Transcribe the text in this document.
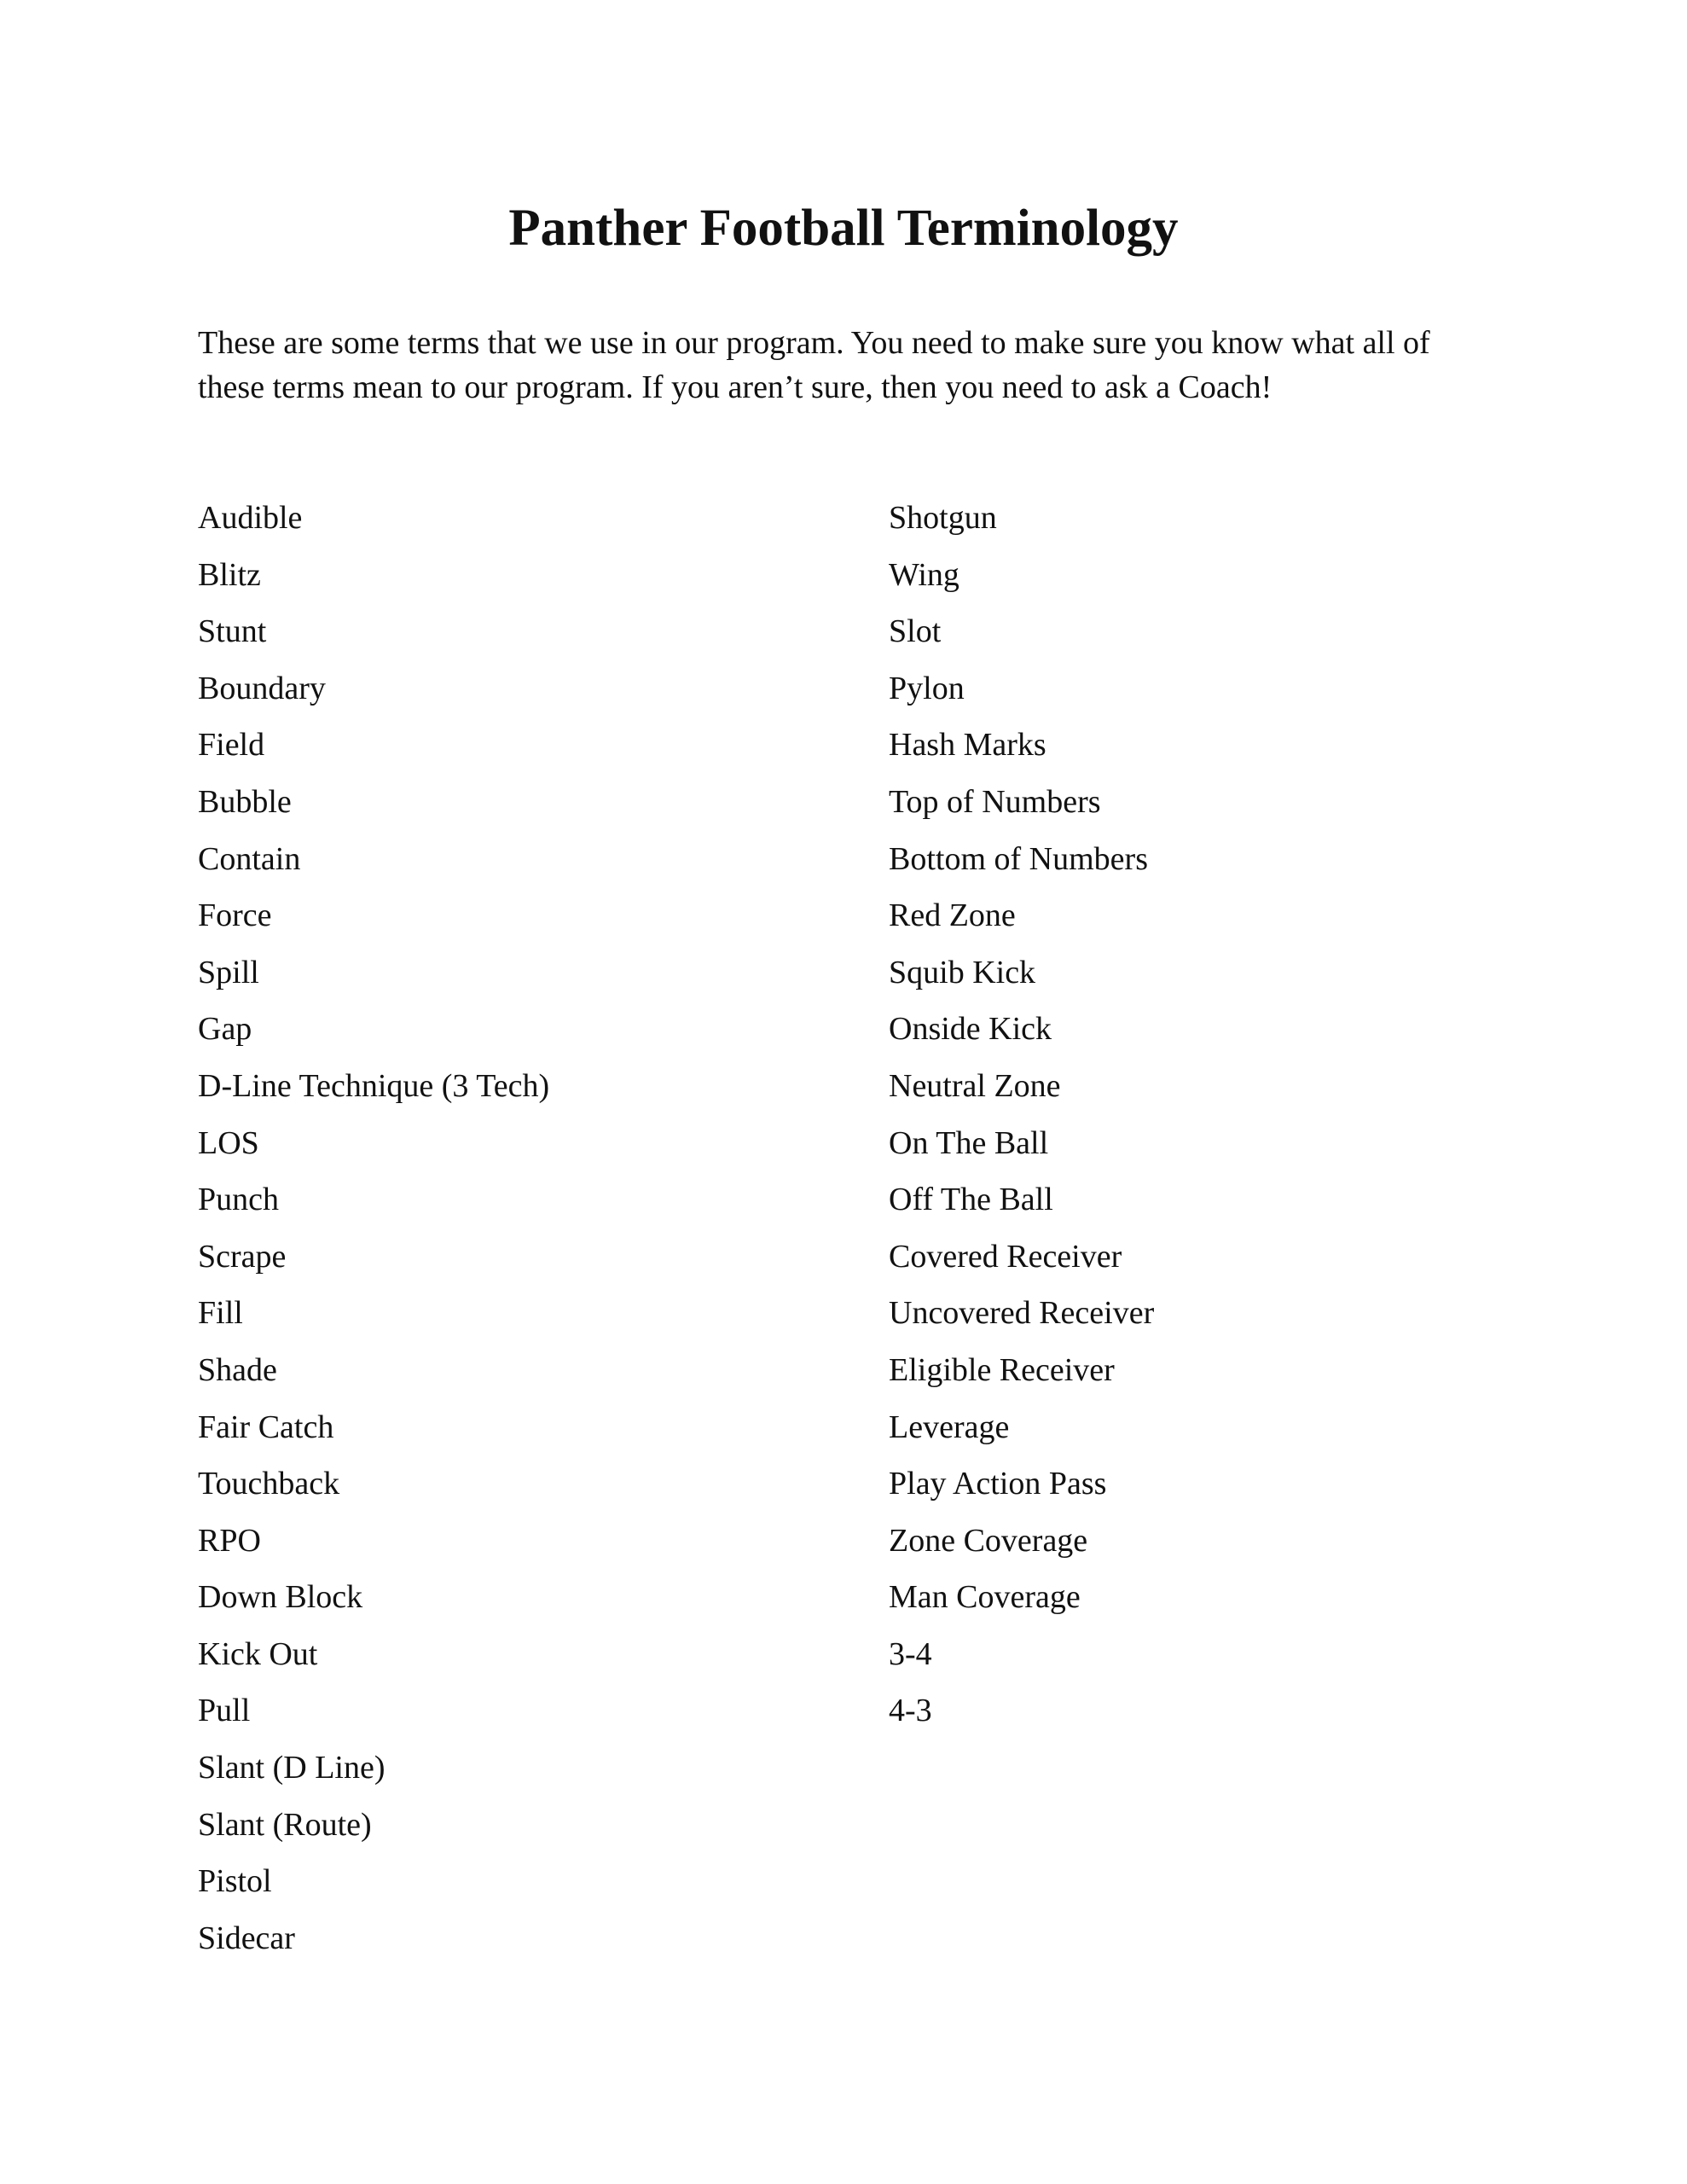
Panther Football Terminology

These are some terms that we use in our program. You need to make sure you know what all of

these terms mean to our program. If you aren’t sure, then you need to ask a Coach!

Audible
Blitz
Stunt
Boundary
Field
Bubble
Contain
Force
Spill
Gap
D-Line Technique (3 Tech)
LOS
Punch
Scrape
Fill
Shade
Fair Catch
Touchback
RPO
Down Block
Kick Out
Pull
Slant (D Line)
Slant (Route)
Pistol
Sidecar
Shotgun
Wing
Slot
Pylon
Hash Marks
Top of Numbers
Bottom of Numbers
Red Zone
Squib Kick
Onside Kick
Neutral Zone
On The Ball
Off The Ball
Covered Receiver
Uncovered Receiver
Eligible Receiver
Leverage
Play Action Pass
Zone Coverage
Man Coverage
3-4
4-3
